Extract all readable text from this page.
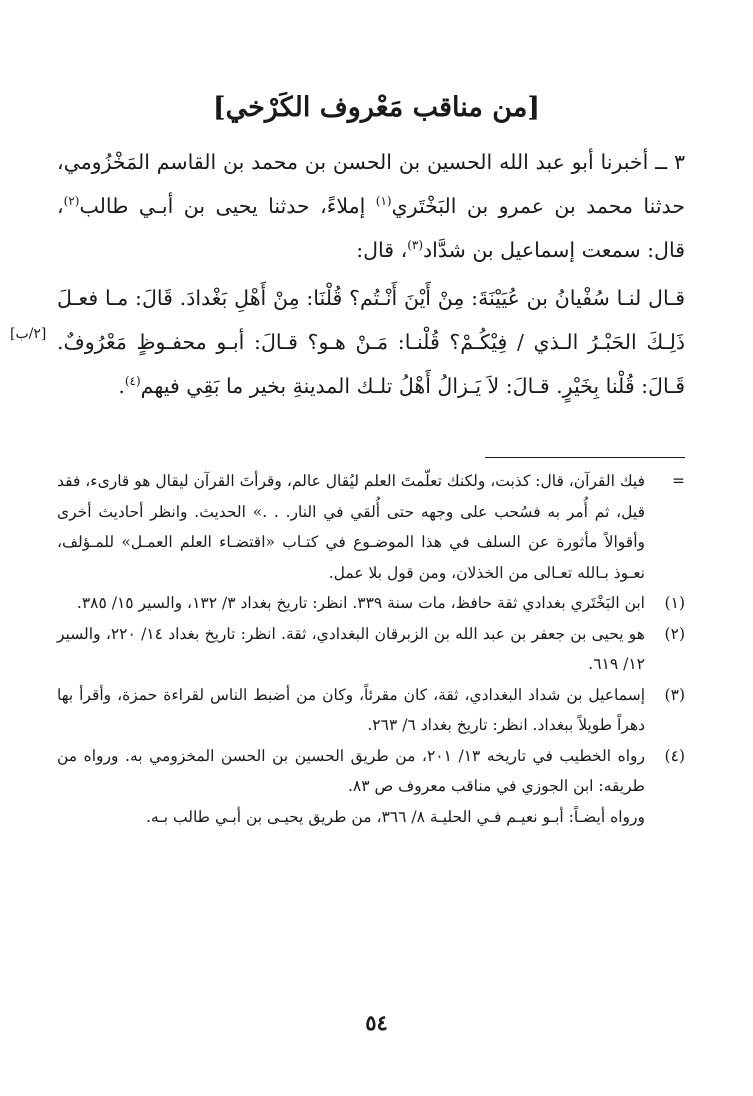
[من مناقب مَعْروف الكَرْخي]

٣ ــ أخبرنا أبو عبد الله الحسين بن الحسن بن محمد بن القاسم المَخْزُومي، حدثنا محمد بن عمرو بن البَخْتَري$^{(١)}$ إملاءً، حدثنا يحيى بن أبـي طالب$^{(٢)}$، قال: سمعت إسماعيل بن شدَّاد$^{(٣)}$، قال:

قـال لنـا سُفْيانُ بن عُيَيْنَةَ: مِنْ أَيْنَ أَنْـتُم؟ قُلْنَا: مِنْ أَهْلِ بَغْدادَ. قَالَ: مـا فعـلَ ذَلِـكَ الحَبْـرُ الـذي / فِيْكُـمْ؟ قُلْنـا: مَـنْ هـو؟ قـالَ: أبـو محفـوظٍ مَعْرُوفٌ. قَـالَ: قُلْنا بِخَيْرٍ. قـالَ: لاَ يَـزالُ أَهْلُ تلـك المدينةِ بخير ما بَقِي فيهم$^{(٤)}$.

[٢/ب]
=

فيك القرآن، قال: كذبت، ولكنك تعلّمتَ العلم ليُقال عالم، وقرأتَ القرآن ليقال هو قارىء، فقد قيل، ثم أُمر به فسُحب على وجهه حتى أُلقي في النار. . .» الحديث. وانظر أحاديث أخرى وأقوالاً مأثورة عن السلف في هذا الموضـوع في كتـاب «اقتضـاء العلم العمـل» للمـؤلف، نعـوذ بـالله تعـالى من الخذلان، ومن قول بلا عمل.

(١)

ابن البَخْتَري بغدادي ثقة حافظ، مات سنة ٣٣٩. انظر: تاريخ بغداد ٣/ ١٣٢، والسير ١٥/ ٣٨٥.

(٢)

هو يحيى بن جعفر بن عبد الله بن الزبرقان البغدادي، ثقة. انظر: تاريخ بغداد ١٤/ ٢٢٠، والسير ١٢/ ٦١٩.

(٣)

إسماعيل بن شداد البغدادي، ثقة، كان مقرئاً، وكان من أضبط الناس لقراءة حمزة، وأقرأ بها دهراً طويلاً ببغداد. انظر: تاريخ بغداد ٦/ ٢٦٣.

(٤)

رواه الخطيب في تاريخه ١٣/ ٢٠١، من طريق الحسين بن الحسن المخزومي به. ورواه من طريقه: ابن الجوزي في مناقب معروف ص ٨٣.

ورواه أيضـاً: أبـو نعيـم فـي الحليـة ٨/ ٣٦٦، من طريق يحيـى بن أبـي طالب بـه.

٥٤
